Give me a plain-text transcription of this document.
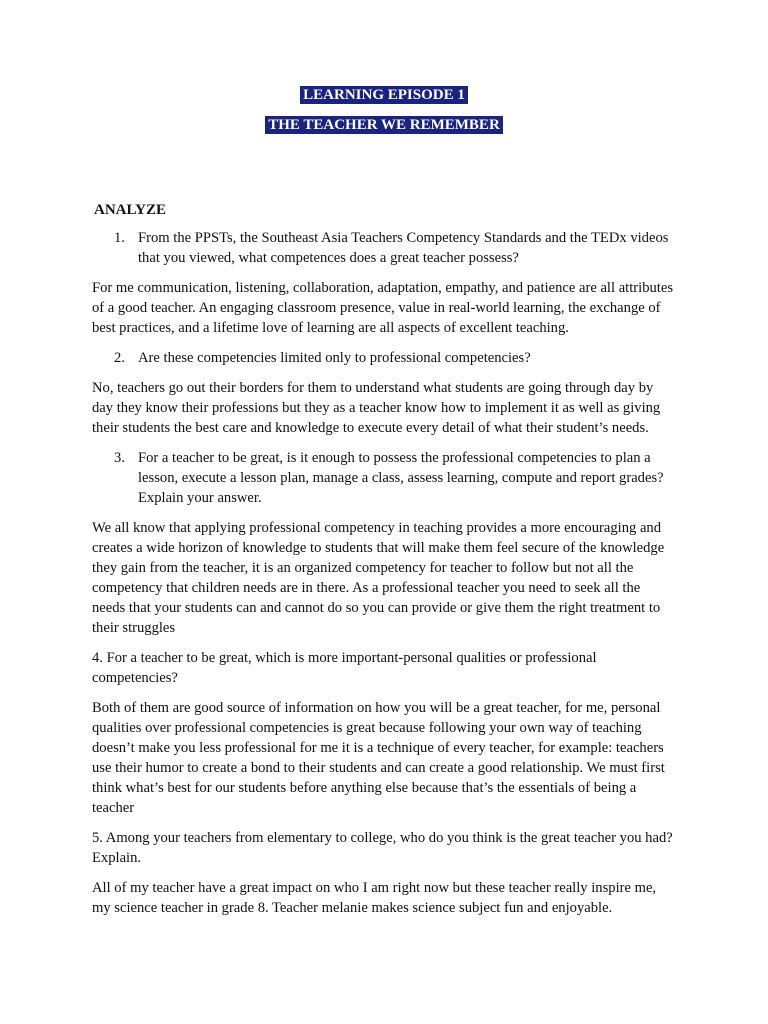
LEARNING EPISODE 1
THE TEACHER WE REMEMBER
ANALYZE
1. From the PPSTs, the Southeast Asia Teachers Competency Standards and the TEDx videos that you viewed, what competences does a great teacher possess?

For me communication, listening, collaboration, adaptation, empathy, and patience are all attributes of a good teacher. An engaging classroom presence, value in real-world learning, the exchange of best practices, and a lifetime love of learning are all aspects of excellent teaching.

2. Are these competencies limited only to professional competencies?

No, teachers go out their borders for them to understand what students are going through day by day they know their professions but they as a teacher know how to implement it as well as giving their students the best care and knowledge to execute every detail of what their student’s needs.

3. For a teacher to be great, is it enough to possess the professional competencies to plan a lesson, execute a lesson plan, manage a class, assess learning, compute and report grades? Explain your answer.

We all know that applying professional competency in teaching provides a more encouraging and creates a wide horizon of knowledge to students that will make them feel secure of the knowledge they gain from the teacher, it is an organized competency for teacher to follow but not all the competency that children needs are in there. As a professional teacher you need to seek all the needs that your students can and cannot do so you can provide or give them the right treatment to their struggles

4. For a teacher to be great, which is more important-personal qualities or professional competencies?

Both of them are good source of information on how you will be a great teacher, for me, personal qualities over professional competencies is great because following your own way of teaching doesn’t make you less professional for me it is a technique of every teacher, for example: teachers use their humor to create a bond to their students and can create a good relationship. We must first think what’s best for our students before anything else because that’s the essentials of being a teacher

5. Among your teachers from elementary to college, who do you think is the great teacher you had? Explain.

All of my teacher have a great impact on who I am right now but these teacher really inspire me, my science teacher in grade 8. Teacher melanie makes science subject fun and enjoyable.
